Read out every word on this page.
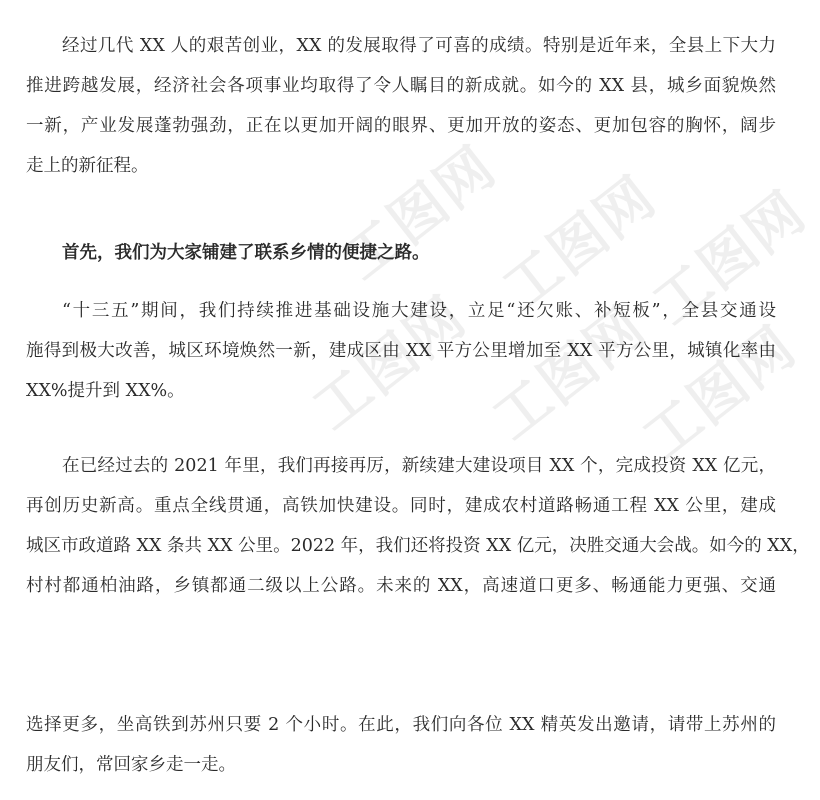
工图网
工图网
工图网
工图网 工图网
工图网

经过几代 XX 人的艰苦创业，XX 的发展取得了可喜的成绩。特别是近年来，全县上下大力
推进跨越发展，经济社会各项事业均取得了令人瞩目的新成就。如今的 XX 县，城乡面貌焕然
一新，产业发展蓬勃强劲，正在以更加开阔的眼界、更加开放的姿态、更加包容的胸怀，阔步
走上的新征程。

首先，我们为大家铺建了联系乡情的便捷之路。

“十三五”期间，我们持续推进基础设施大建设，立足“还欠账、补短板”，全县交通设
施得到极大改善，城区环境焕然一新，建成区由 XX 平方公里增加至 XX 平方公里，城镇化率由
XX%提升到 XX%。

在已经过去的 2021 年里，我们再接再厉，新续建大建设项目 XX 个，完成投资 XX 亿元，
再创历史新高。重点全线贯通，高铁加快建设。同时，建成农村道路畅通工程 XX 公里，建成
城区市政道路 XX 条共 XX 公里。2022 年，我们还将投资 XX 亿元，决胜交通大会战。如今的 XX，
村村都通柏油路，乡镇都通二级以上公路。未来的 XX，高速道口更多、畅通能力更强、交通

选择更多，坐高铁到苏州只要 2 个小时。在此，我们向各位 XX 精英发出邀请，请带上苏州的
朋友们，常回家乡走一走。
